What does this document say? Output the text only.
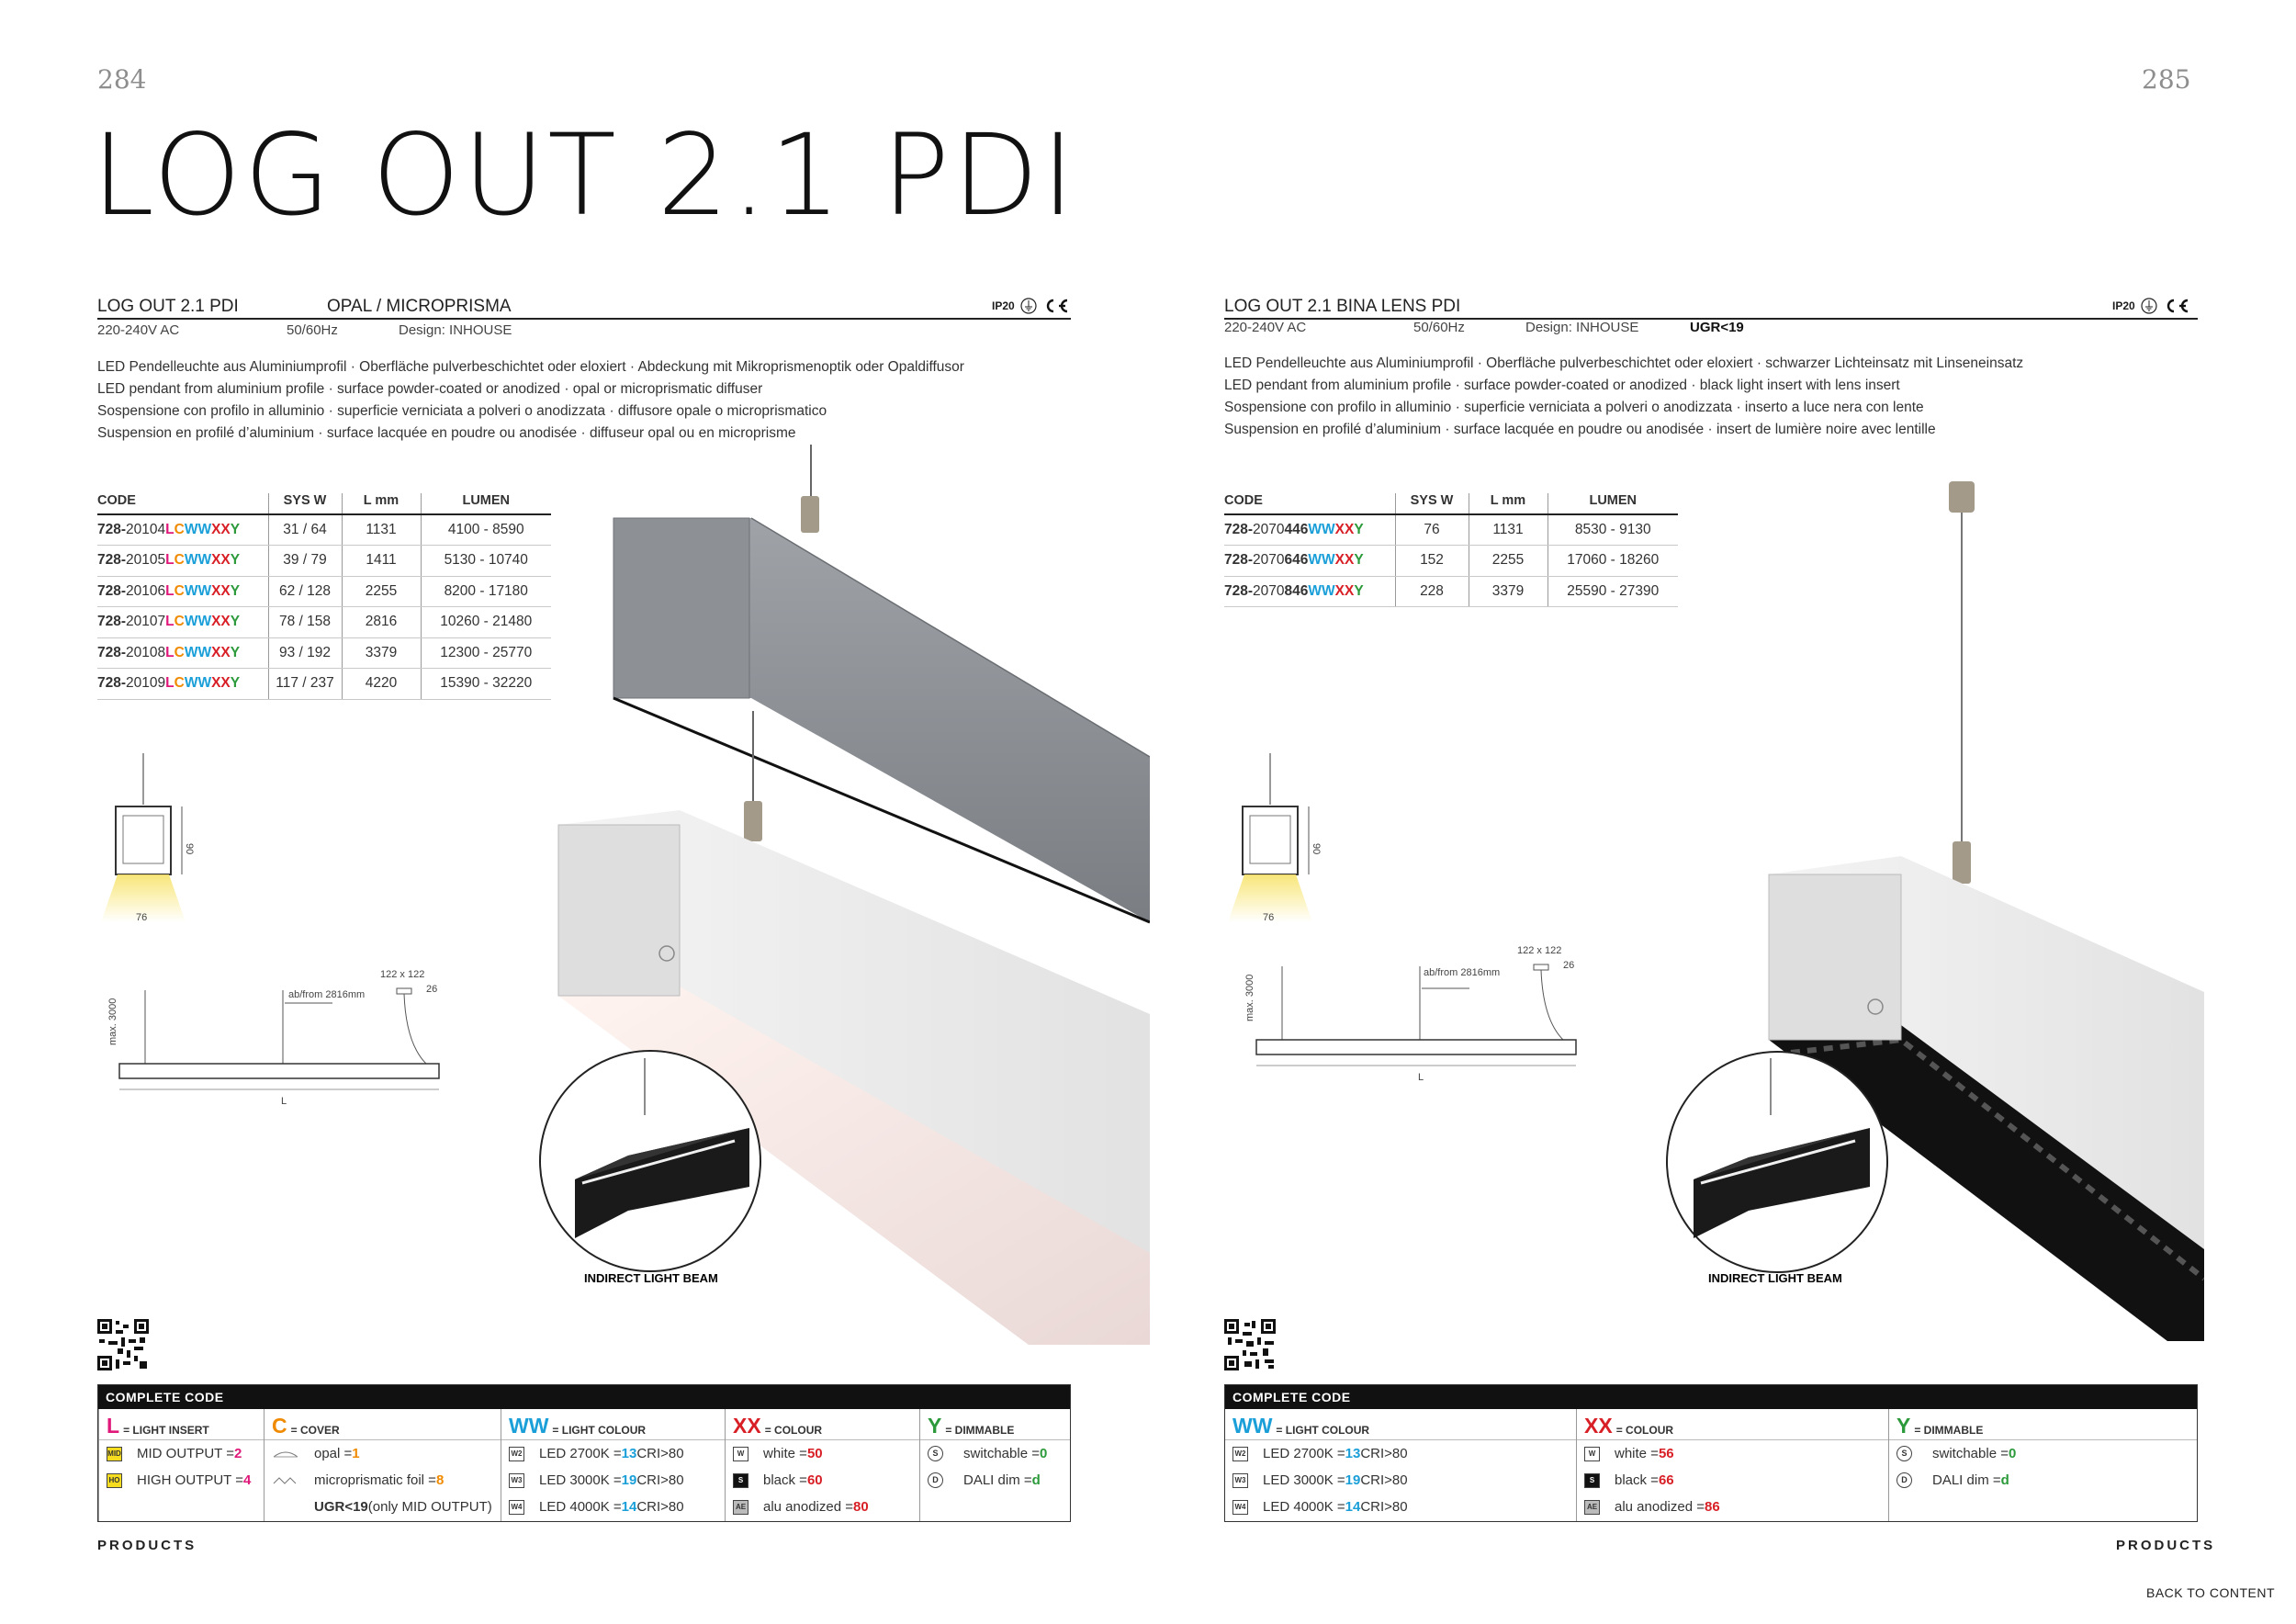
284	285
LOG OUT 2.1 PDI
LOG OUT 2.1 PDI	OPAL / MICROPRISMA	IP20
220-240V AC	50/60Hz	Design: INHOUSE
LED Pendelleuchte aus Aluminiumprofil · Oberfläche pulverbeschichtet oder eloxiert · Abdeckung mit Mikroprismenoptik oder Opaldiffusor
LED pendant from aluminium profile · surface powder-coated or anodized · opal or microprismatic diffuser
Sospensione con profilo in alluminio · superficie verniciata a polveri o anodizzata · diffusore opale o microprismatico
Suspension en profilé d’aluminium · surface lacquée en poudre ou anodisée · diffuseur opal ou en microprisme
CODE	SYS W	L mm	LUMEN
728-20104LCWWXXY	31 / 64	1131	4100 - 8590
728-20105LCWWXXY	39 / 79	1411	5130 - 10740
728-20106LCWWXXY	62 / 128	2255	8200 - 17180
728-20107LCWWXXY	78 / 158	2816	10260 - 21480
728-20108LCWWXXY	93 / 192	3379	12300 - 25770
728-20109LCWWXXY	117 / 237	4220	15390 - 32220
90
76
max. 3000
ab/from 2816mm
122 x 122
26
L
INDIRECT LIGHT BEAM
COMPLETE CODE
L = LIGHT INSERT
MID MID OUTPUT = 2
HO HIGH OUTPUT = 4
C = COVER
opal = 1
microprismatic foil = 8
UGR<19 (only MID OUTPUT)
WW = LIGHT COLOUR
W2 LED 2700K = 13 CRI>80
W3 LED 3000K = 19 CRI>80
W4 LED 4000K = 14 CRI>80
XX = COLOUR
W	white = 50
S	black = 60
AE alu anodized = 80
Y = DIMMABLE
S	switchable = 0
D	DALI dim = d
PRODUCTS
LOG OUT 2.1 BINA LENS PDI	IP20
220-240V AC	50/60Hz	Design: INHOUSE	UGR<19
LED Pendelleuchte aus Aluminiumprofil · Oberfläche pulverbeschichtet oder eloxiert · schwarzer Lichteinsatz mit Linseneinsatz
LED pendant from aluminium profile · surface powder-coated or anodized · black light insert with lens insert
Sospensione con profilo in alluminio · superficie verniciata a polveri o anodizzata · inserto a luce nera con lente
Suspension en profilé d’aluminium · surface lacquée en poudre ou anodisée · insert de lumière noire avec lentille
CODE	SYS W	L mm	LUMEN
728-2070446WWXXY	76	1131	8530 - 9130
728-2070646WWXXY	152	2255	17060 - 18260
728-2070846WWXXY	228	3379	25590 - 27390
90
76
max. 3000
ab/from 2816mm
122 x 122
26
L
INDIRECT LIGHT BEAM
COMPLETE CODE
WW = LIGHT COLOUR
W2 LED 2700K = 13 CRI>80
W3 LED 3000K = 19 CRI>80
W4 LED 4000K = 14 CRI>80
XX = COLOUR
W	white = 56
S	black = 66
AE alu anodized = 86
Y = DIMMABLE
S	switchable = 0
D	DALI dim = d
PRODUCTS
BACK TO CONTENT
